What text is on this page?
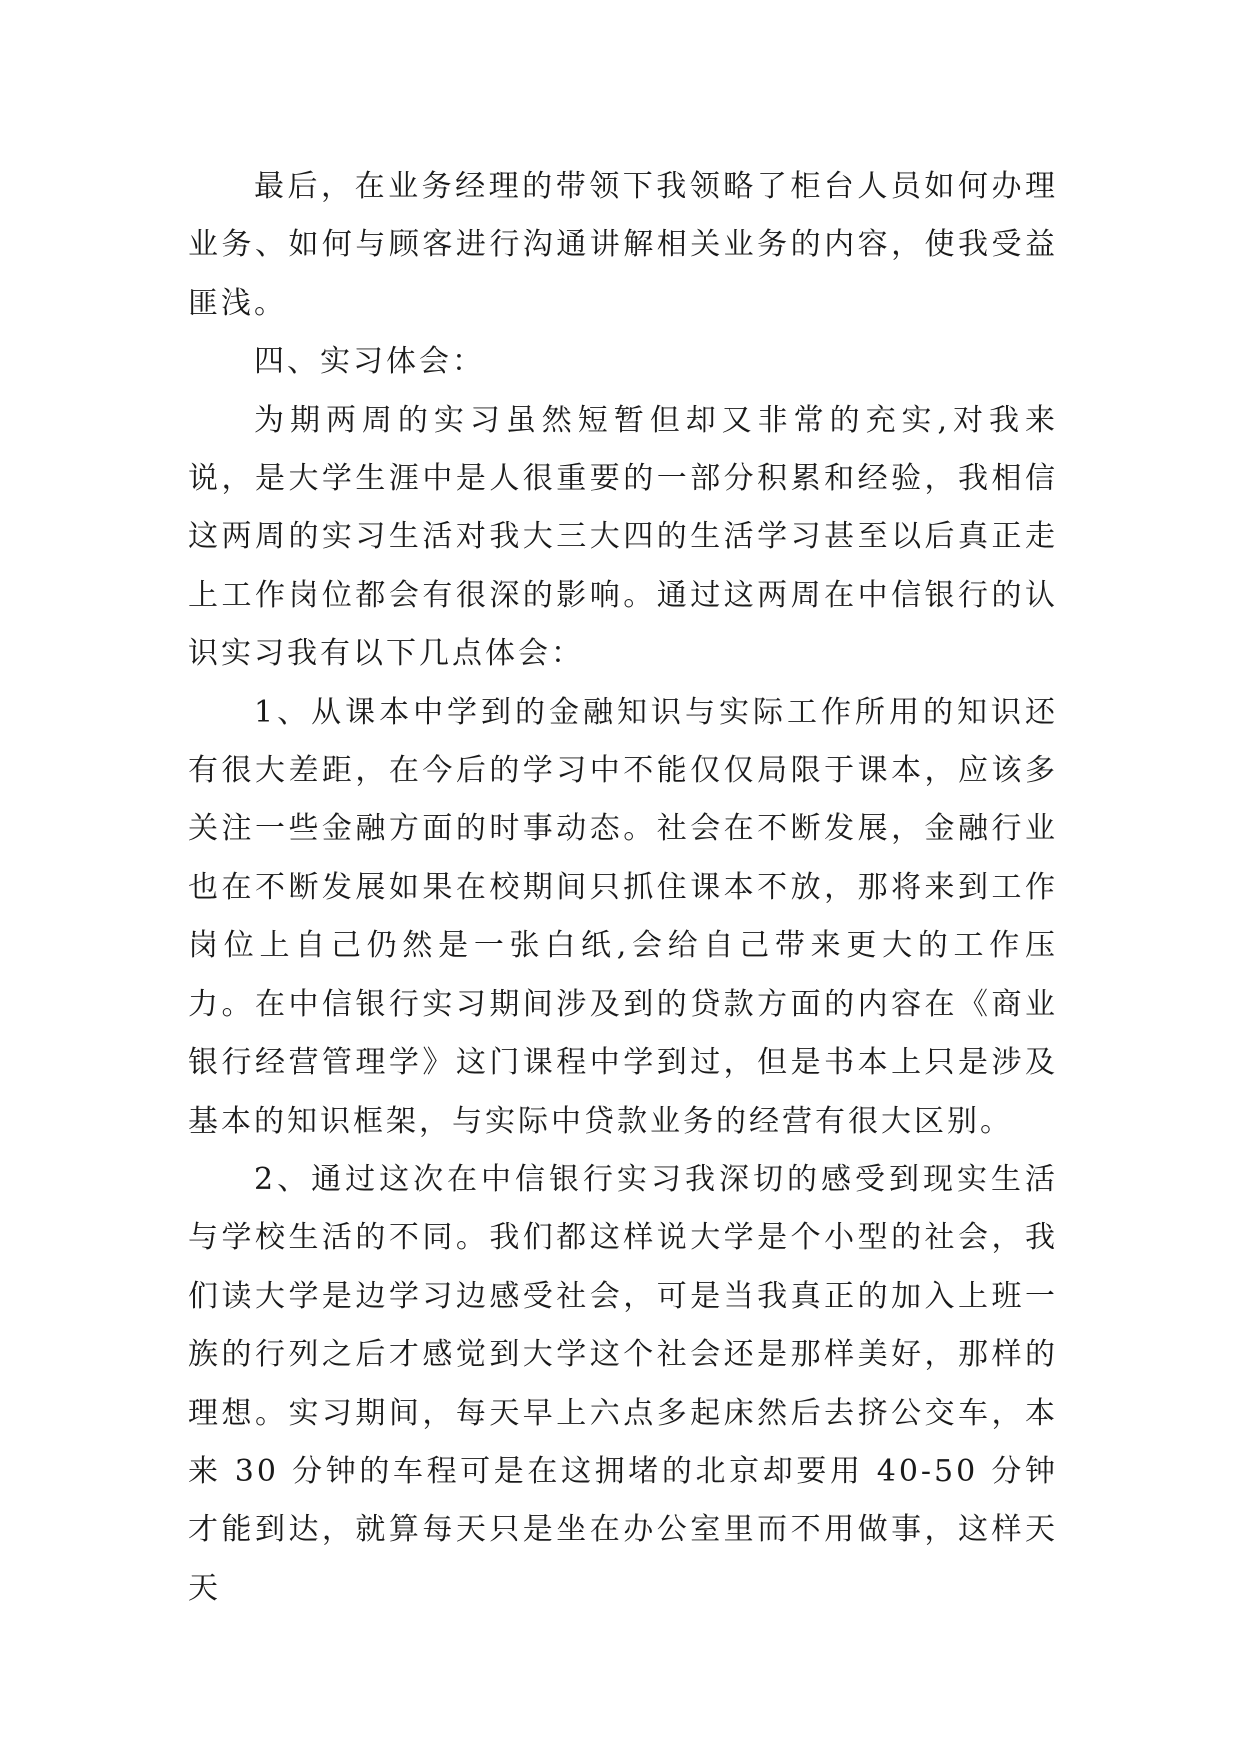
最后，在业务经理的带领下我领略了柜台人员如何办理业务、如何与顾客进行沟通讲解相关业务的内容，使我受益匪浅。

四、实习体会：

为期两周的实习虽然短暂但却又非常的充实,对我来说，是大学生涯中是人很重要的一部分积累和经验，我相信这两周的实习生活对我大三大四的生活学习甚至以后真正走上工作岗位都会有很深的影响。通过这两周在中信银行的认识实习我有以下几点体会：

1、从课本中学到的金融知识与实际工作所用的知识还有很大差距，在今后的学习中不能仅仅局限于课本，应该多关注一些金融方面的时事动态。社会在不断发展，金融行业也在不断发展如果在校期间只抓住课本不放，那将来到工作岗位上自己仍然是一张白纸,会给自己带来更大的工作压力。在中信银行实习期间涉及到的贷款方面的内容在《商业银行经营管理学》这门课程中学到过，但是书本上只是涉及基本的知识框架，与实际中贷款业务的经营有很大区别。

2、通过这次在中信银行实习我深切的感受到现实生活与学校生活的不同。我们都这样说大学是个小型的社会，我们读大学是边学习边感受社会，可是当我真正的加入上班一族的行列之后才感觉到大学这个社会还是那样美好，那样的理想。实习期间，每天早上六点多起床然后去挤公交车，本来 30 分钟的车程可是在这拥堵的北京却要用 40-50 分钟才能到达，就算每天只是坐在办公室里而不用做事，这样天天
